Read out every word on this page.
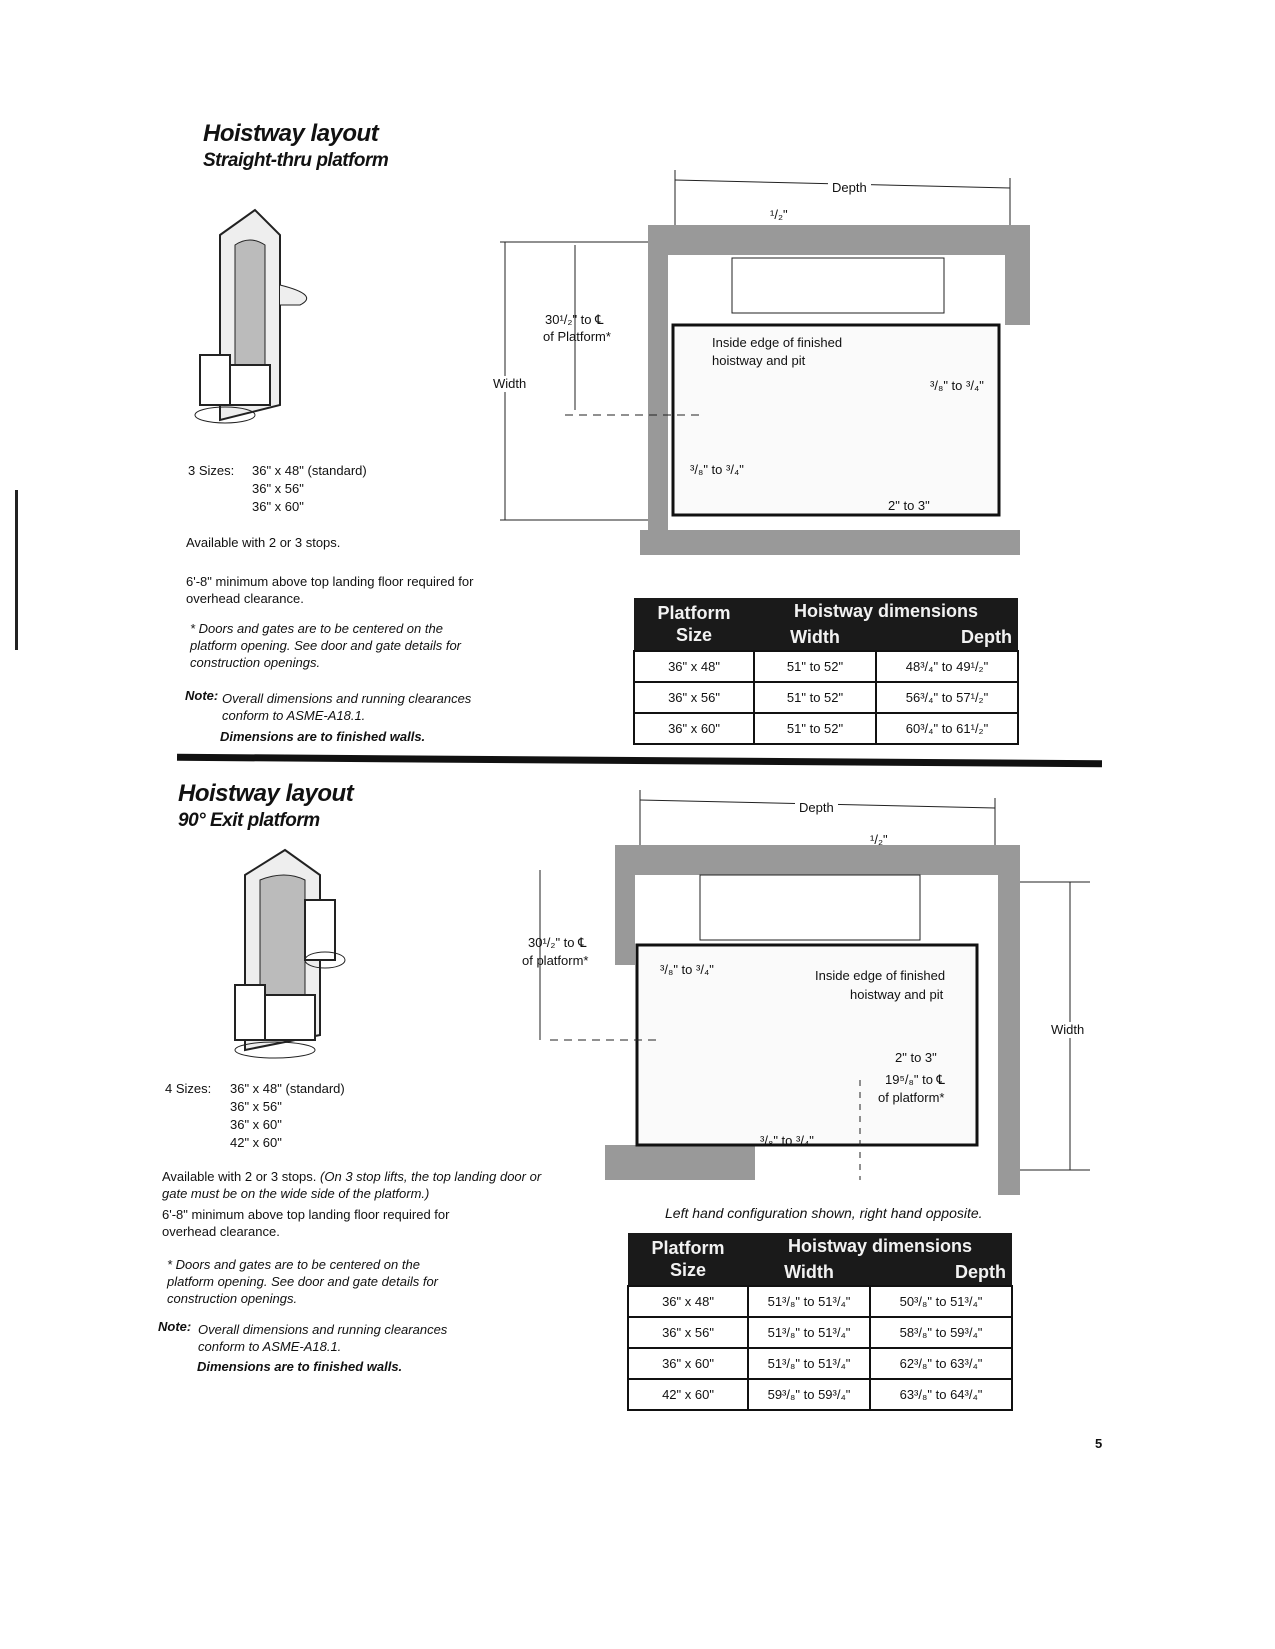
Hoistway layout
Straight-thru platform
3 Sizes: 36" x 48" (standard)
36" x 56"
36" x 60"
Available with 2 or 3 stops.
6'-8" minimum above top landing floor required for overhead clearance.
* Doors and gates are to be centered on the platform opening. See door and gate details for construction openings.
Note: Overall dimensions and running clearances conform to ASME-A18.1.
Dimensions are to finished walls.
Depth
¹/₂"
30¹/₂" to ℄
of Platform*
Width
Inside edge of finished
hoistway and pit
³/₈" to ³/₄"
³/₈" to ³/₄"
2" to 3"
Platform
Size	Hoistway dimensions	
	Width	Depth
36" x 48"	51" to 52"	48³/₄" to 49¹/₂"
36" x 56"	51" to 52"	56³/₄" to 57¹/₂"
36" x 60"	51" to 52"	60³/₄" to 61¹/₂"
Hoistway layout
90° Exit platform
4 Sizes: 36" x 48" (standard)
36" x 56"
36" x 60"
42" x 60"
Available with 2 or 3 stops. (On 3 stop lifts, the top landing door or gate must be on the wide side of the platform.)
6'-8" minimum above top landing floor required for overhead clearance.
* Doors and gates are to be centered on the platform opening. See door and gate details for construction openings.
Note: Overall dimensions and running clearances conform to ASME-A18.1.
Dimensions are to finished walls.
Depth
¹/₂"
30¹/₂" to ℄
of platform*
Width
³/₈" to ³/₄"	Inside edge of finished
hoistway and pit
2" to 3"
19⁵/₈" to ℄
of platform*
³/₈" to ³/₄"
Left hand configuration shown, right hand opposite.
Platform
Size	Hoistway dimensions	
	Width	Depth
36" x 48"	51³/₈" to 51³/₄"	50³/₈" to 51³/₄"
36" x 56"	51³/₈" to 51³/₄"	58³/₈" to 59³/₄"
36" x 60"	51³/₈" to 51³/₄"	62³/₈" to 63³/₄"
42" x 60"	59³/₈" to 59³/₄"	63³/₈" to 64³/₄"
5
